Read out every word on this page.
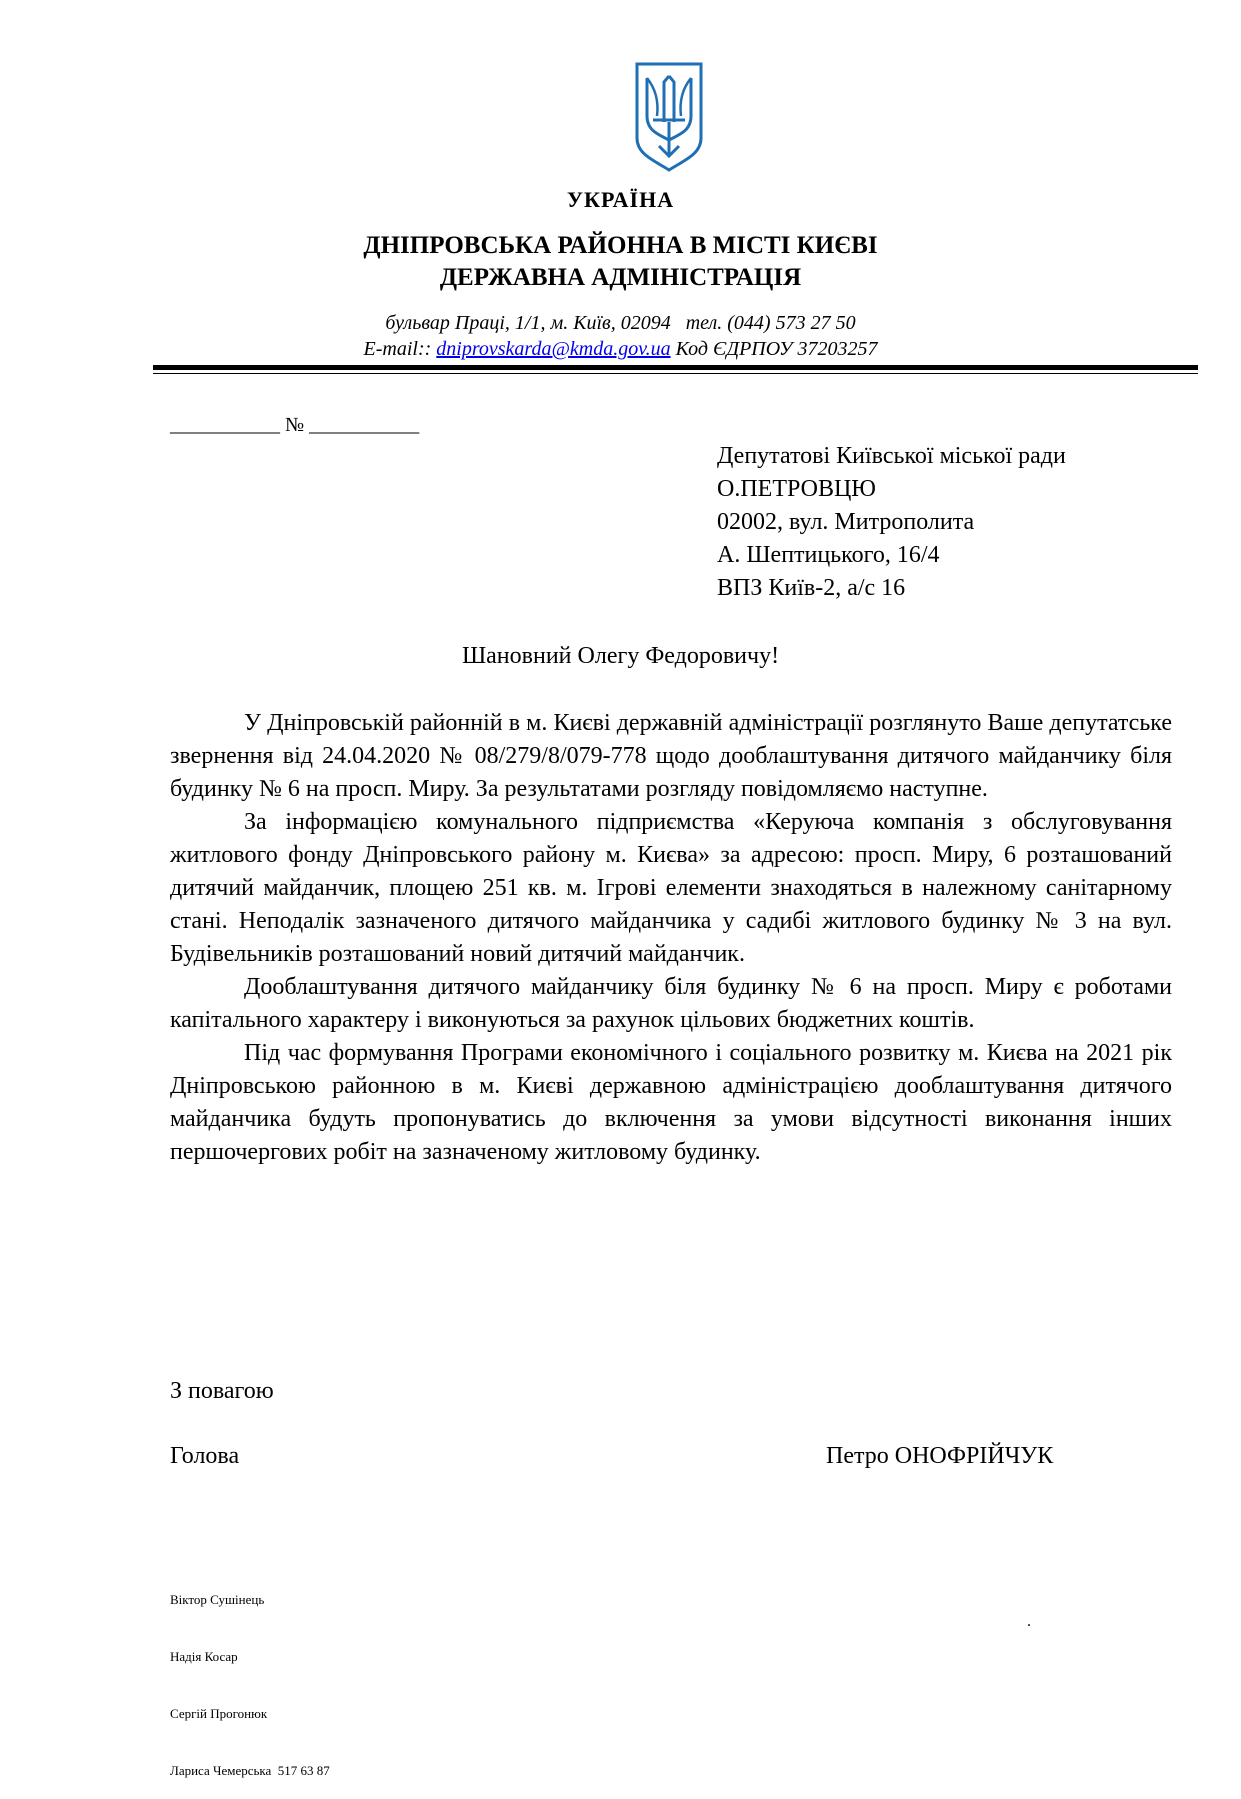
УКРАЇНА
ДНІПРОВСЬКА РАЙОННА В МІСТІ КИЄВІ
ДЕРЖАВНА АДМІНІСТРАЦІЯ
бульвар Праці, 1/1, м. Київ, 02094   тел. (044) 573 27 50
E-mail:: dniprovskarda@kmda.gov.ua Код ЄДРПОУ 37203257
___________ № ___________
Депутатові Київської міської ради
О.ПЕТРОВЦЮ
02002, вул. Митрополита
А. Шептицького, 16/4
ВПЗ Київ-2, а/с 16
Шановний Олегу Федоровичу!

У Дніпровській районній в м. Києві державній адміністрації розглянуто Ваше депутатське звернення від 24.04.2020 № 08/279/8/079-778 щодо дооблаштування дитячого майданчику біля будинку № 6 на просп. Миру. За результатами розгляду повідомляємо наступне.

За інформацією комунального підприємства «Керуюча компанія з обслуговування житлового фонду Дніпровського району м. Києва» за адресою: просп. Миру, 6 розташований дитячий майданчик, площею 251 кв. м. Ігрові елементи знаходяться в належному санітарному стані. Неподалік зазначеного дитячого майданчика у садибі житлового будинку № 3 на вул. Будівельників розташований новий дитячий майданчик.

Дооблаштування дитячого майданчику біля будинку № 6 на просп. Миру є роботами капітального характеру і виконуються за рахунок цільових бюджетних коштів.

Під час формування Програми економічного і соціального розвитку м. Києва на 2021 рік Дніпровською районною в м. Києві державною адміністрацією дооблаштування дитячого майданчика будуть пропонуватись до включення за умови відсутності виконання інших першочергових робіт на зазначеному житловому будинку.

З повагою
Голова	Петро ОНОФРІЙЧУК

Віктор Сушінець

Надія Косар

Сергій Прогонюк

Лариса Чемерська  517 63 87

.
